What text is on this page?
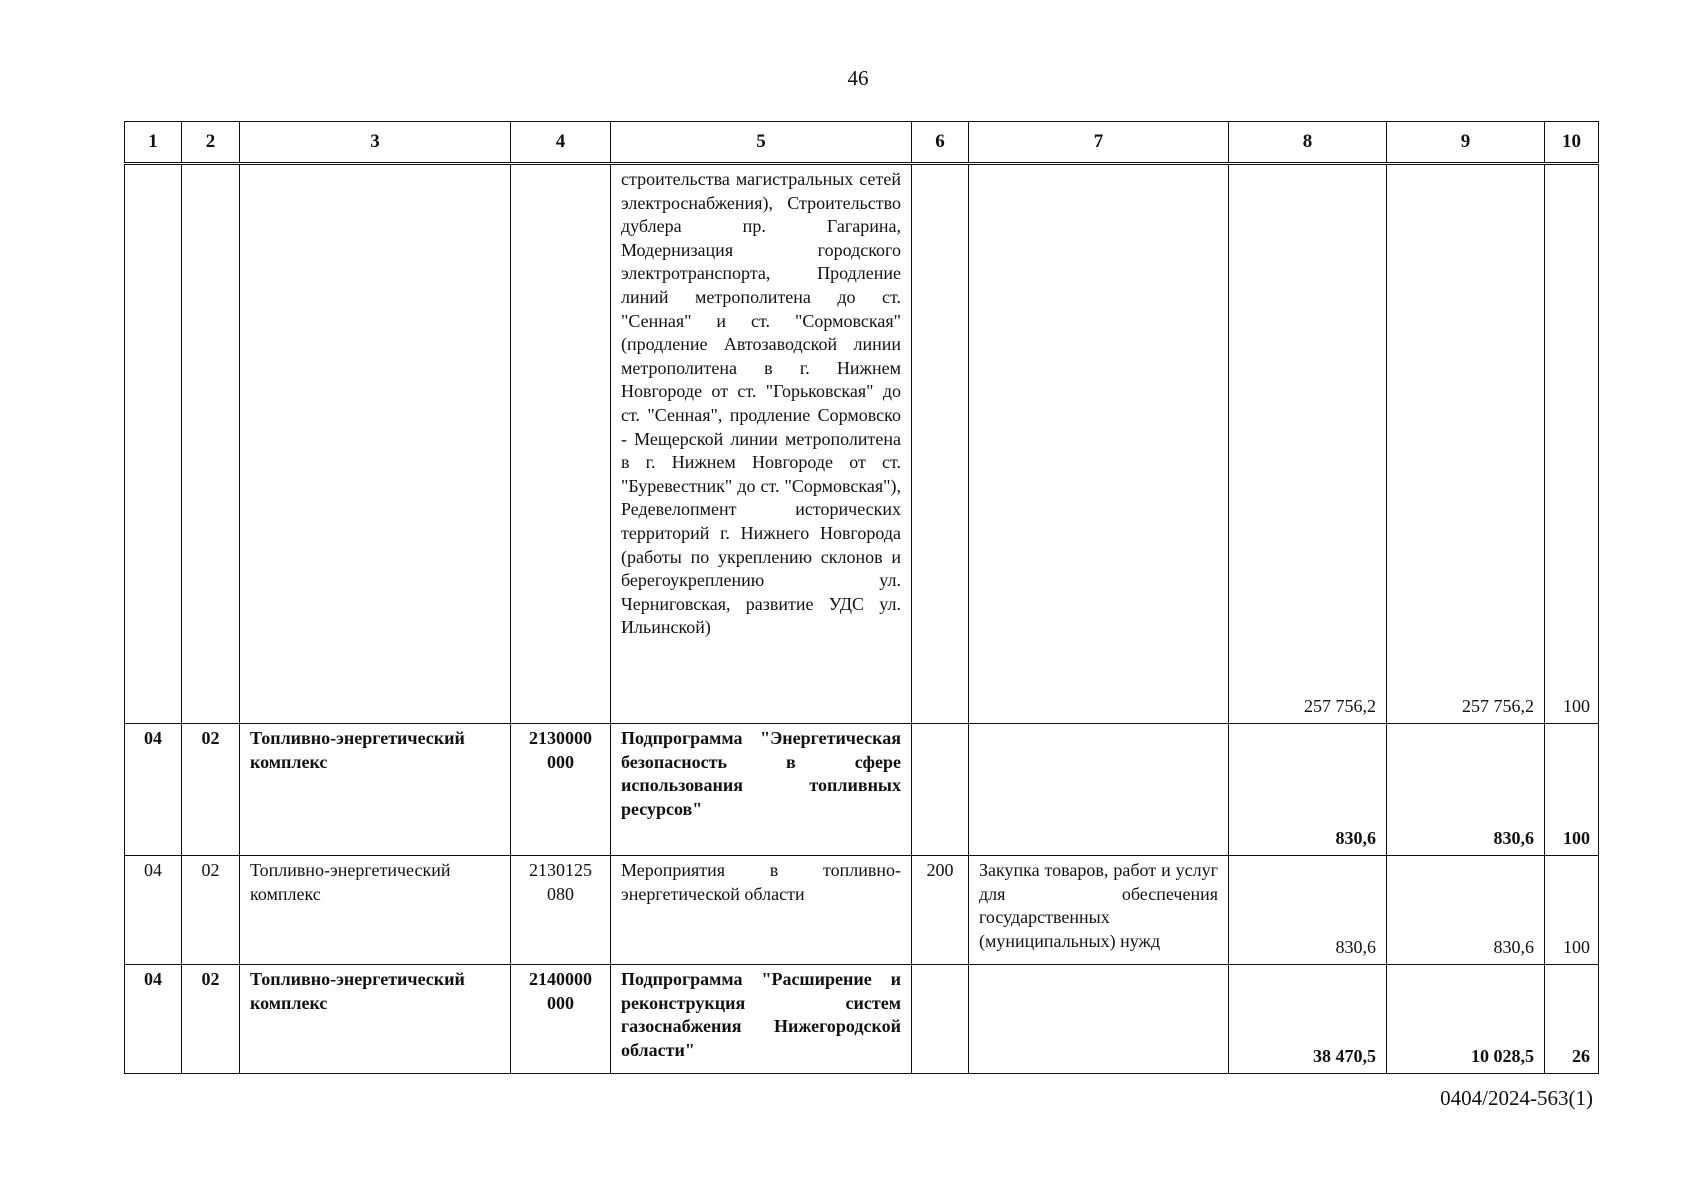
46
1	2	3	4	5	6	7	8	9	10
				строительства магистральных сетей электроснабжения), Строительство дублера пр. Гагарина, Модернизация городского электротранспорта, Продление линий метрополитена до ст. "Сенная" и ст. "Сормовская" (продление Автозаводской линии метрополитена в г. Нижнем Новгороде от ст. "Горьковская" до ст. "Сенная", продление Сормовско - Мещерской линии метрополитена в г. Нижнем Новгороде от ст. "Буревестник" до ст. "Сормовская"), Редевелопмент исторических территорий г. Нижнего Новгорода (работы по укреплению склонов и берегоукреплению ул. Черниговская, развитие УДС ул. Ильинской)			257 756,2	257 756,2	100
04	02	Топливно-энергетический комплекс	2130000 000	Подпрограмма "Энергетическая безопасность в сфере использования топливных ресурсов"			830,6	830,6	100
04	02	Топливно-энергетический комплекс	2130125 080	Мероприятия в топливно-энергетической области	200	Закупка товаров, работ и услуг для обеспечения государственных (муниципальных) нужд	830,6	830,6	100
04	02	Топливно-энергетический комплекс	2140000 000	Подпрограмма "Расширение и реконструкция систем газоснабжения Нижегородской области"			38 470,5	10 028,5	26
0404/2024-563(1)
